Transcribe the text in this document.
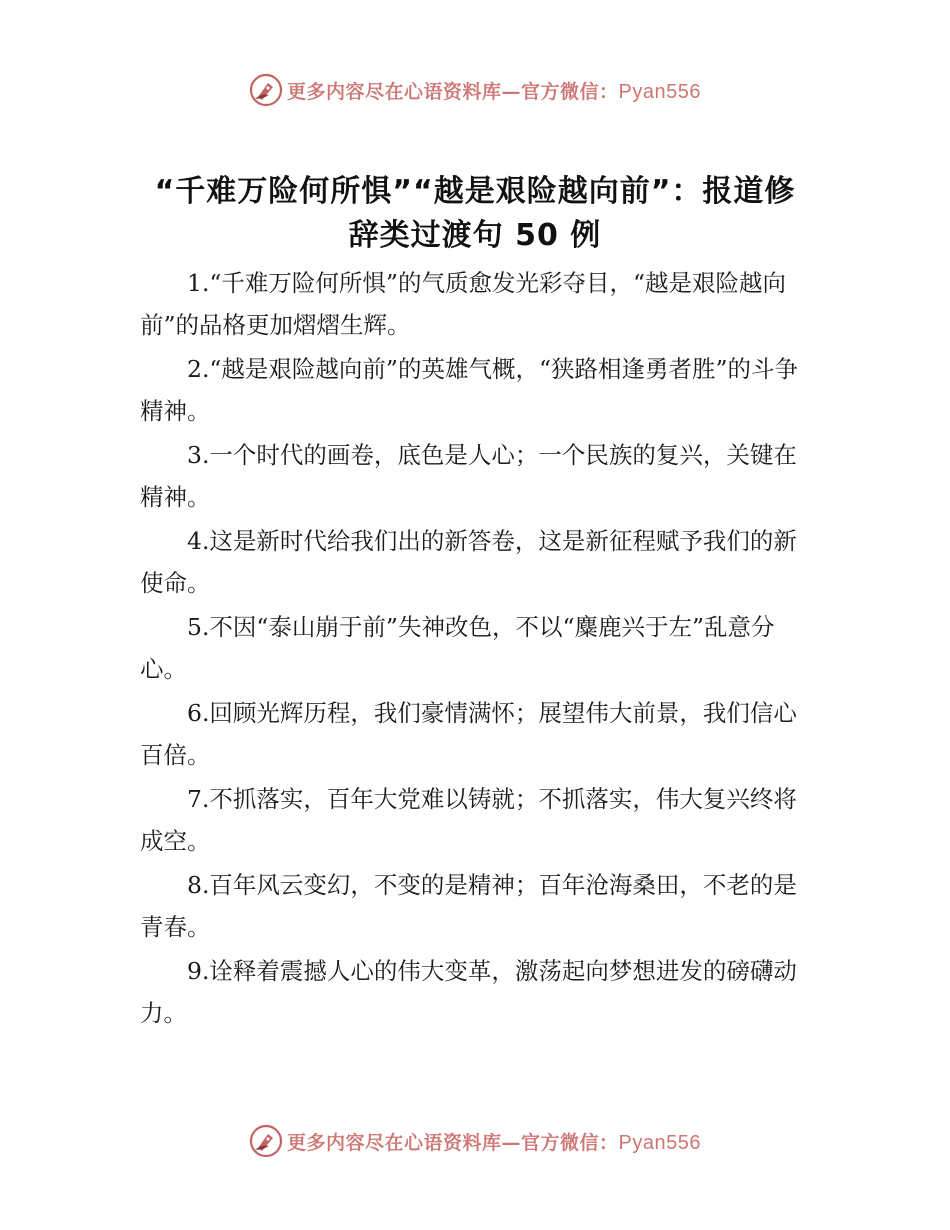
更多内容尽在心语资料库—官方微信：Pyan556
“千难万险何所惧”“越是艰险越向前”：报道修辞类过渡句 50 例

1.“千难万险何所惧”的气质愈发光彩夺目，“越是艰险越向前”的品格更加熠熠生辉。

2.“越是艰险越向前”的英雄气概，“狭路相逢勇者胜”的斗争精神。

3.一个时代的画卷，底色是人心；一个民族的复兴，关键在精神。

4.这是新时代给我们出的新答卷，这是新征程赋予我们的新使命。

5.不因“泰山崩于前”失神改色，不以“麋鹿兴于左”乱意分心。

6.回顾光辉历程，我们豪情满怀；展望伟大前景，我们信心百倍。

7.不抓落实，百年大党难以铸就；不抓落实，伟大复兴终将成空。

8.百年风云变幻，不变的是精神；百年沧海桑田，不老的是青春。

9.诠释着震撼人心的伟大变革，激荡起向梦想进发的磅礴动力。

更多内容尽在心语资料库—官方微信：Pyan556
